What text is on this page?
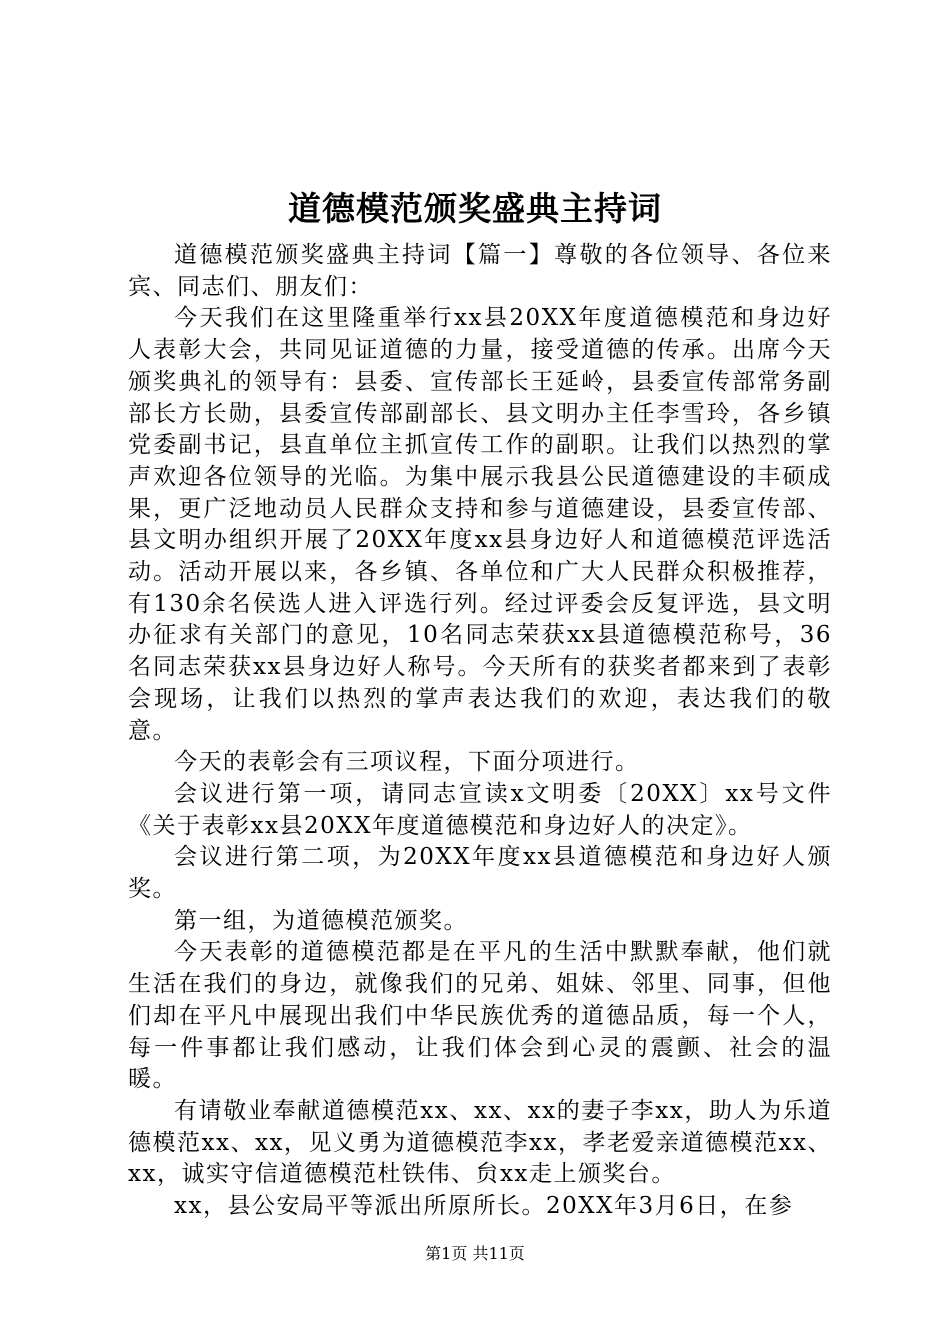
道德模范颁奖盛典主持词

道德模范颁奖盛典主持词【篇一】尊敬的各位领导、各位来宾、同志们、朋友们：

今天我们在这里隆重举行xx县20XX年度道德模范和身边好人表彰大会，共同见证道德的力量，接受道德的传承。出席今天颁奖典礼的领导有：县委、宣传部长王延岭，县委宣传部常务副部长方长勋，县委宣传部副部长、县文明办主任李雪玲，各乡镇党委副书记，县直单位主抓宣传工作的副职。让我们以热烈的掌声欢迎各位领导的光临。为集中展示我县公民道德建设的丰硕成果，更广泛地动员人民群众支持和参与道德建设，县委宣传部、县文明办组织开展了20XX年度xx县身边好人和道德模范评选活动。活动开展以来，各乡镇、各单位和广大人民群众积极推荐，有130余名侯选人进入评选行列。经过评委会反复评选，县文明办征求有关部门的意见，10名同志荣获xx县道德模范称号，36名同志荣获xx县身边好人称号。今天所有的获奖者都来到了表彰会现场，让我们以热烈的掌声表达我们的欢迎，表达我们的敬意。

今天的表彰会有三项议程，下面分项进行。

会议进行第一项，请同志宣读x文明委〔20XX〕xx号文件《关于表彰xx县20XX年度道德模范和身边好人的决定》。

会议进行第二项，为20XX年度xx县道德模范和身边好人颁奖。

第一组，为道德模范颁奖。

今天表彰的道德模范都是在平凡的生活中默默奉献，他们就生活在我们的身边，就像我们的兄弟、姐妹、邻里、同事，但他们却在平凡中展现出我们中华民族优秀的道德品质，每一个人，每一件事都让我们感动，让我们体会到心灵的震颤、社会的温暖。

有请敬业奉献道德模范xx、xx、xx的妻子李xx，助人为乐道德模范xx、xx，见义勇为道德模范李xx，孝老爱亲道德模范xx、xx，诚实守信道德模范杜铁伟、贠xx走上颁奖台。

xx，县公安局平等派出所原所长。20XX年3月6日，在参

第1页 共11页
